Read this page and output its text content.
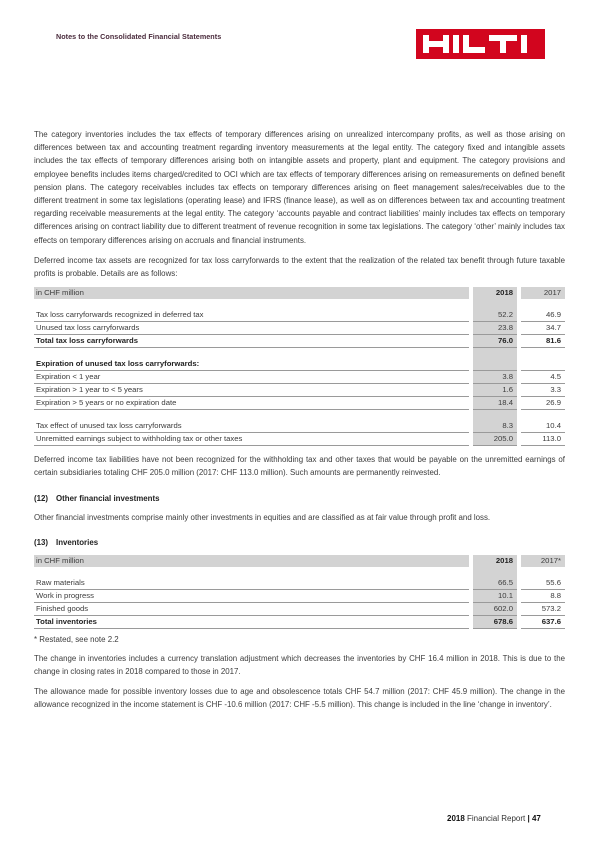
Notes to the Consolidated Financial Statements

The category inventories includes the tax effects of temporary differences arising on unrealized intercompany profits, as well as those arising on differences between tax and accounting treatment regarding inventory measurements at the legal entity. The category fixed and intangible assets includes the tax effects of temporary differences arising both on intangible assets and property, plant and equipment. The category provisions and employee benefits includes items charged/credited to OCI which are tax effects of temporary differences arising on remeasurements on defined benefit pension plans. The category receivables includes tax effects on temporary differences arising on fleet management sales/receivables due to the different treatment in some tax legislations (operating lease) and IFRS (finance lease), as well as on differences between tax and accounting treatment regarding receivable measurements at the legal entity. The category ‘accounts payable and contract liabilities’ mainly includes tax effects on temporary differences arising on contract liability due to different treatment of revenue recognition in some tax legislations. The category ‘other’ mainly includes tax effects on temporary differences arising on accruals and financial instruments.

Deferred income tax assets are recognized for tax loss carryforwards to the extent that the realization of the related tax benefit through future taxable profits is probable. Details are as follows:

in CHF million		2018		2017

Tax loss carryforwards recognized in deferred tax		52.2		46.9
Unused tax loss carryforwards		23.8		34.7
Total tax loss carryforwards		76.0		81.6

Expiration of unused tax loss carryforwards:				
Expiration < 1 year		3.8		4.5
Expiration > 1 year to < 5 years		1.6		3.3
Expiration > 5 years or no expiration date		18.4		26.9

Tax effect of unused tax loss carryforwards		8.3		10.4
Unremitted earnings subject to withholding tax or other taxes		205.0		113.0

Deferred income tax liabilities have not been recognized for the withholding tax and other taxes that would be payable on the unremitted earnings of certain subsidiaries totaling CHF 205.0 million (2017: CHF 113.0 million). Such amounts are permanently reinvested.

(12) Other financial investments

Other financial investments comprise mainly other investments in equities and are classified as at fair value through profit and loss.

(13) Inventories
in CHF million		2018		2017*

Raw materials		66.5		55.6
Work in progress		10.1		8.8
Finished goods		602.0		573.2
Total inventories		678.6		637.6
* Restated, see note 2.2

The change in inventories includes a currency translation adjustment which decreases the inventories by CHF 16.4 million in 2018. This is due to the change in closing rates in 2018 compared to those in 2017.

The allowance made for possible inventory losses due to age and obsolescence totals CHF 54.7 million (2017: CHF 45.9 million). The change in the allowance recognized in the income statement is CHF -10.6 million (2017: CHF -5.5 million). This change is included in the line ‘change in inventory’.

2018 Financial Report | 47
